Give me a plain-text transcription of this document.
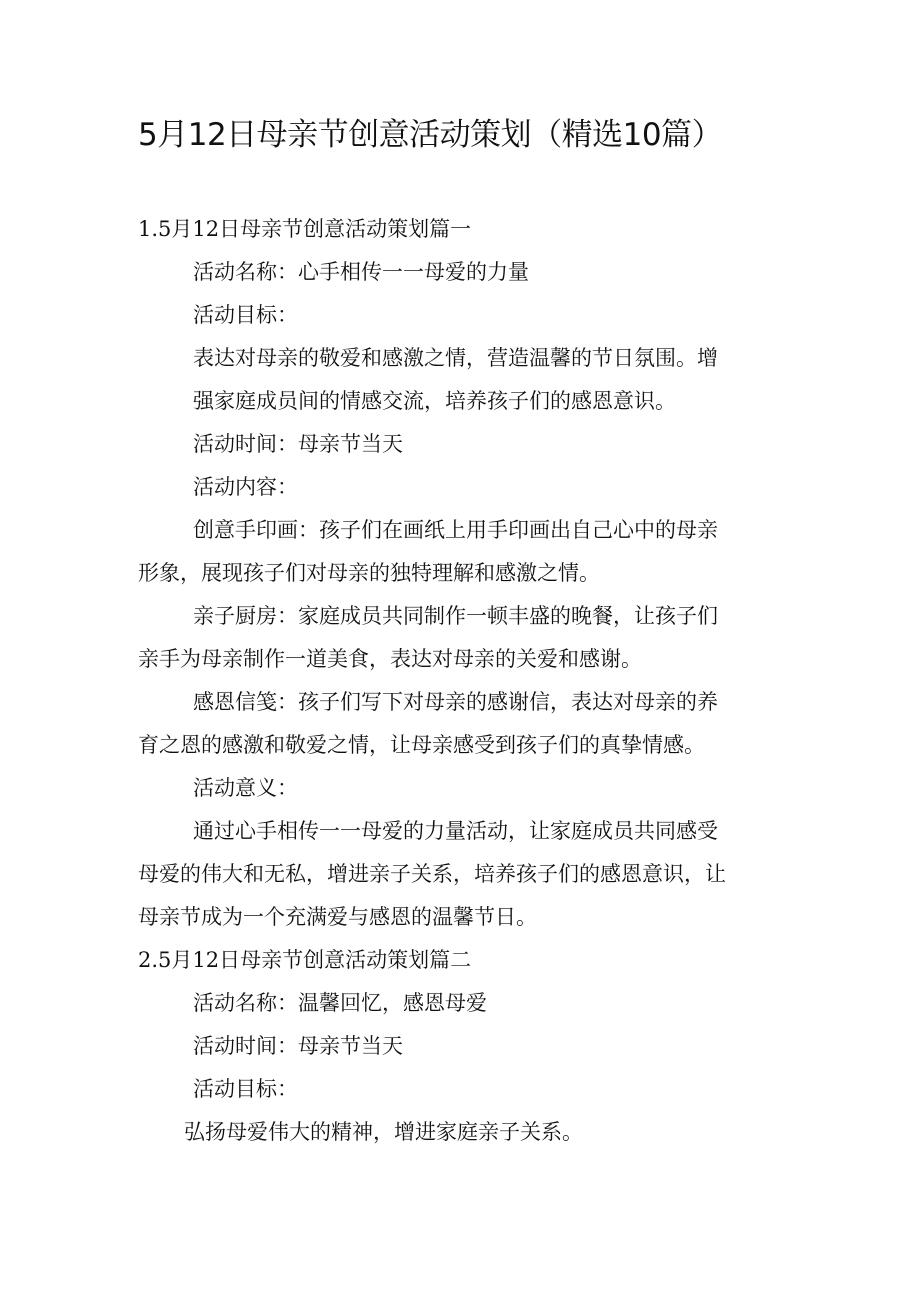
5月12日母亲节创意活动策划（精选10篇）
1.5月12日母亲节创意活动策划篇一
活动名称：心手相传一一母爱的力量
活动目标：
表达对母亲的敬爱和感激之情，营造温馨的节日氛围。增
强家庭成员间的情感交流，培养孩子们的感恩意识。
活动时间：母亲节当天
活动内容：
创意手印画：孩子们在画纸上用手印画出自己心中的母亲
形象，展现孩子们对母亲的独特理解和感激之情。
亲子厨房：家庭成员共同制作一顿丰盛的晚餐，让孩子们
亲手为母亲制作一道美食，表达对母亲的关爱和感谢。
感恩信笺：孩子们写下对母亲的感谢信，表达对母亲的养
育之恩的感激和敬爱之情，让母亲感受到孩子们的真挚情感。
活动意义：
通过心手相传一一母爱的力量活动，让家庭成员共同感受
母爱的伟大和无私，增进亲子关系，培养孩子们的感恩意识，让
母亲节成为一个充满爱与感恩的温馨节日。
2.5月12日母亲节创意活动策划篇二
活动名称：温馨回忆，感恩母爱
活动时间：母亲节当天
活动目标：
弘扬母爱伟大的精神，增进家庭亲子关系。
